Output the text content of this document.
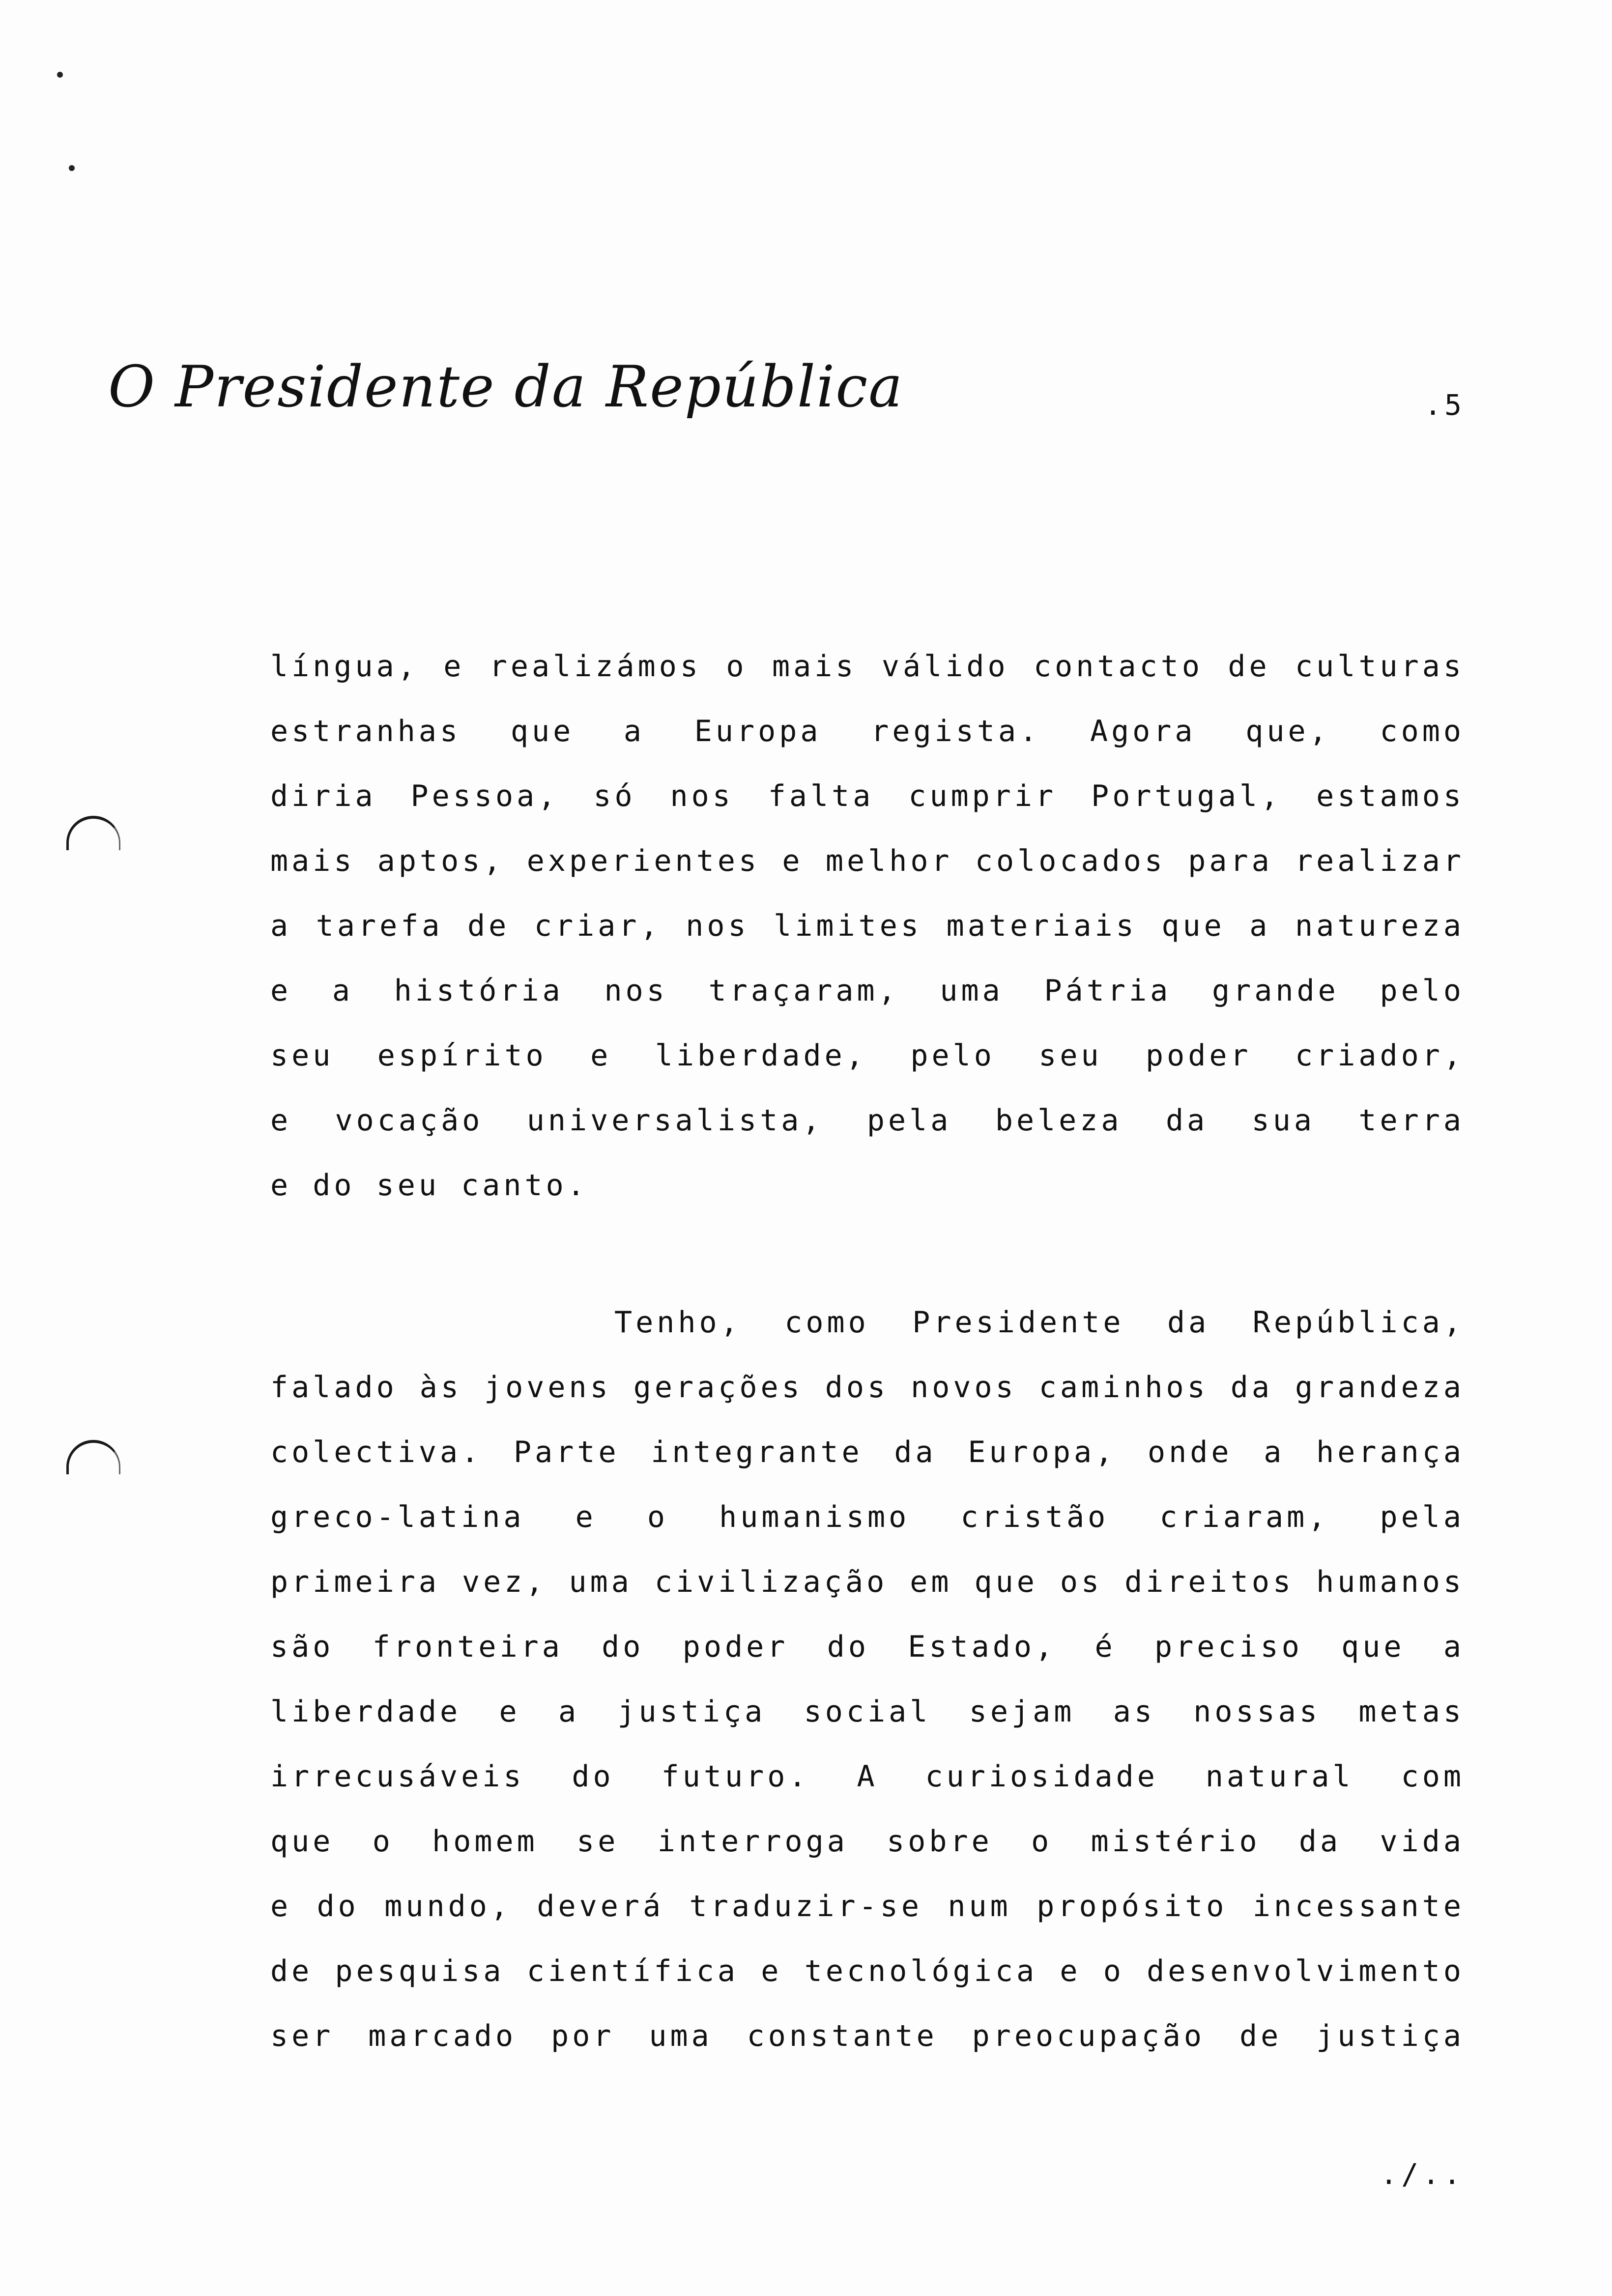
O Presidente da República	.5
língua, e realizámos o mais válido contacto de culturas
estranhas que a Europa regista. Agora que, como
diria Pessoa, só nos falta cumprir Portugal, estamos
mais aptos, experientes e melhor colocados para realizar
a tarefa de criar, nos limites materiais que a natureza
e a história nos traçaram, uma Pátria grande pelo
seu espírito e liberdade, pelo seu poder criador,
e vocação universalista, pela beleza da sua terra
e do seu canto.
Tenho, como Presidente da República,
falado às jovens gerações dos novos caminhos da grandeza
colectiva. Parte integrante da Europa, onde a herança
greco-latina e o humanismo cristão criaram, pela
primeira vez, uma civilização em que os direitos humanos
são fronteira do poder do Estado, é preciso que a
liberdade e a justiça social sejam as nossas metas
irrecusáveis do futuro. A curiosidade natural com
que o homem se interroga sobre o mistério da vida
e do mundo, deverá traduzir-se num propósito incessante
de pesquisa científica e tecnológica e o desenvolvimento
ser marcado por uma constante preocupação de justiça
./..
